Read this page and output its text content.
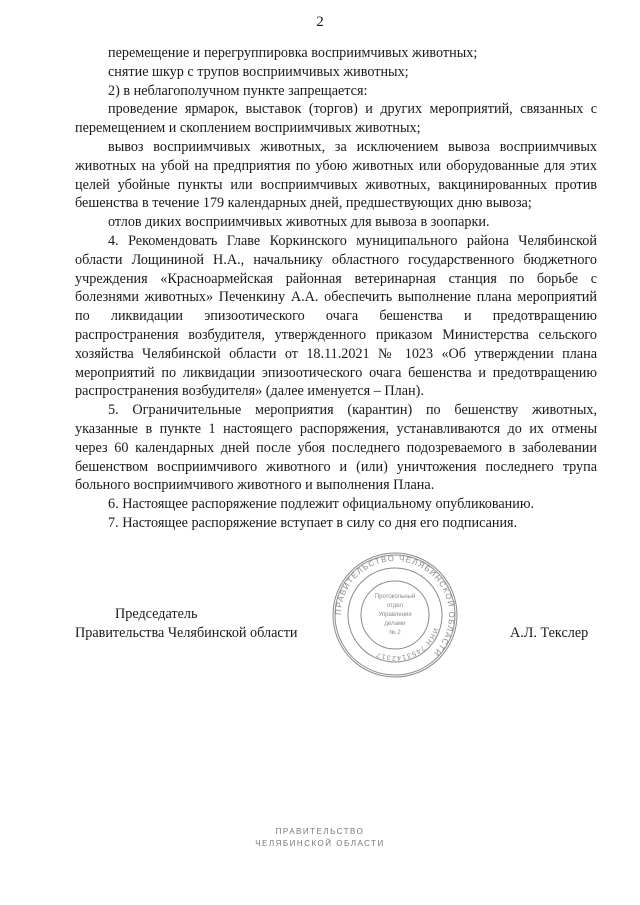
2

перемещение и перегруппировка восприимчивых животных;

снятие шкур с трупов восприимчивых животных;

2) в неблагополучном пункте запрещается:

проведение ярмарок, выставок (торгов) и других мероприятий, связанных с перемещением и скоплением восприимчивых животных;

вывоз восприимчивых животных, за исключением вывоза восприимчивых животных на убой на предприятия по убою животных или оборудованные для этих целей убойные пункты или восприимчивых животных, вакцинированных против бешенства в течение 179 календарных дней, предшествующих дню вывоза;

отлов диких восприимчивых животных для вывоза в зоопарки.

4. Рекомендовать Главе Коркинского муниципального района Челябинской области Лощининой Н.А., начальнику областного государственного бюджетного учреждения «Красноармейская районная ветеринарная станция по борьбе с болезнями животных» Печенкину А.А. обеспечить выполнение плана мероприятий по ликвидации эпизоотического очага бешенства и предотвращению распространения возбудителя, утвержденного приказом Министерства сельского хозяйства Челябинской области от 18.11.2021 № 1023 «Об утверждении плана мероприятий по ликвидации эпизоотического очага бешенства и предотвращению распространения возбудителя» (далее именуется – План).

5. Ограничительные мероприятия (карантин) по бешенству животных, указанные в пункте 1 настоящего распоряжения, устанавливаются до их отмены через 60 календарных дней после убоя последнего подозреваемого в заболевании бешенством восприимчивого животного и (или) уничтожения последнего трупа больного восприимчивого животного и выполнения Плана.

6. Настоящее распоряжение подлежит официальному опубликованию.

7. Настоящее распоряжение вступает в силу со дня его подписания.

ПРАВИТЕЛЬСТВО ЧЕЛЯБИНСКОЙ ОБЛАСТИ
ИНН 7453142317
Протокольный
отдел
Управления
делами
№ 2
Председатель
Правительства Челябинской области	А.Л. Текслер
ПРАВИТЕЛЬСТВО
ЧЕЛЯБИНСКОЙ ОБЛАСТИ
